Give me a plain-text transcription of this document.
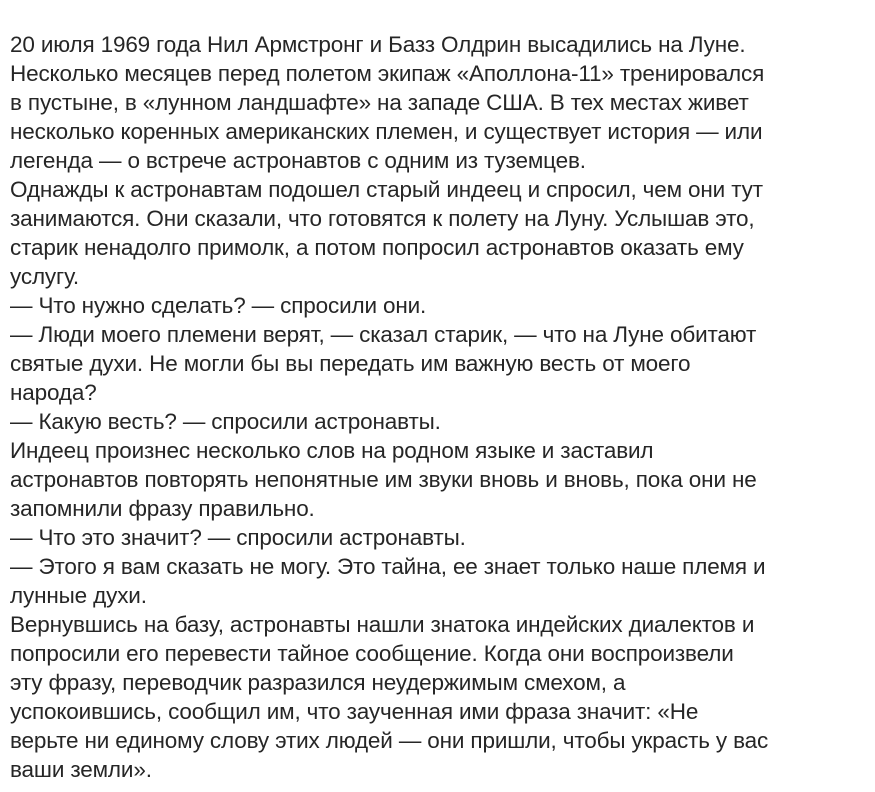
20 июля 1969 года Нил Армстронг и Базз Олдрин высадились на Луне.
Несколько месяцев перед полетом экипаж «Аполлона-11» тренировался
в пустыне, в «лунном ландшафте» на западе США. В тех местах живет
несколько коренных американских племен, и существует история — или
легенда — о встрече астронавтов с одним из туземцев.
Однажды к астронавтам подошел старый индеец и спросил, чем они тут
занимаются. Они сказали, что готовятся к полету на Луну. Услышав это,
старик ненадолго примолк, а потом попросил астронавтов оказать ему
услугу.
— Что нужно сделать? — спросили они.
— Люди моего племени верят, — сказал старик, — что на Луне обитают
святые духи. Не могли бы вы передать им важную весть от моего
народа?
— Какую весть? — спросили астронавты.
Индеец произнес несколько слов на родном языке и заставил
астронавтов повторять непонятные им звуки вновь и вновь, пока они не
запомнили фразу правильно.
— Что это значит? — спросили астронавты.
— Этого я вам сказать не могу. Это тайна, ее знает только наше племя и
лунные духи.
Вернувшись на базу, астронавты нашли знатока индейских диалектов и
попросили его перевести тайное сообщение. Когда они воспроизвели
эту фразу, переводчик разразился неудержимым смехом, а
успокоившись, сообщил им, что заученная ими фраза значит: «Не
верьте ни единому слову этих людей — они пришли, чтобы украсть у вас
ваши земли».
